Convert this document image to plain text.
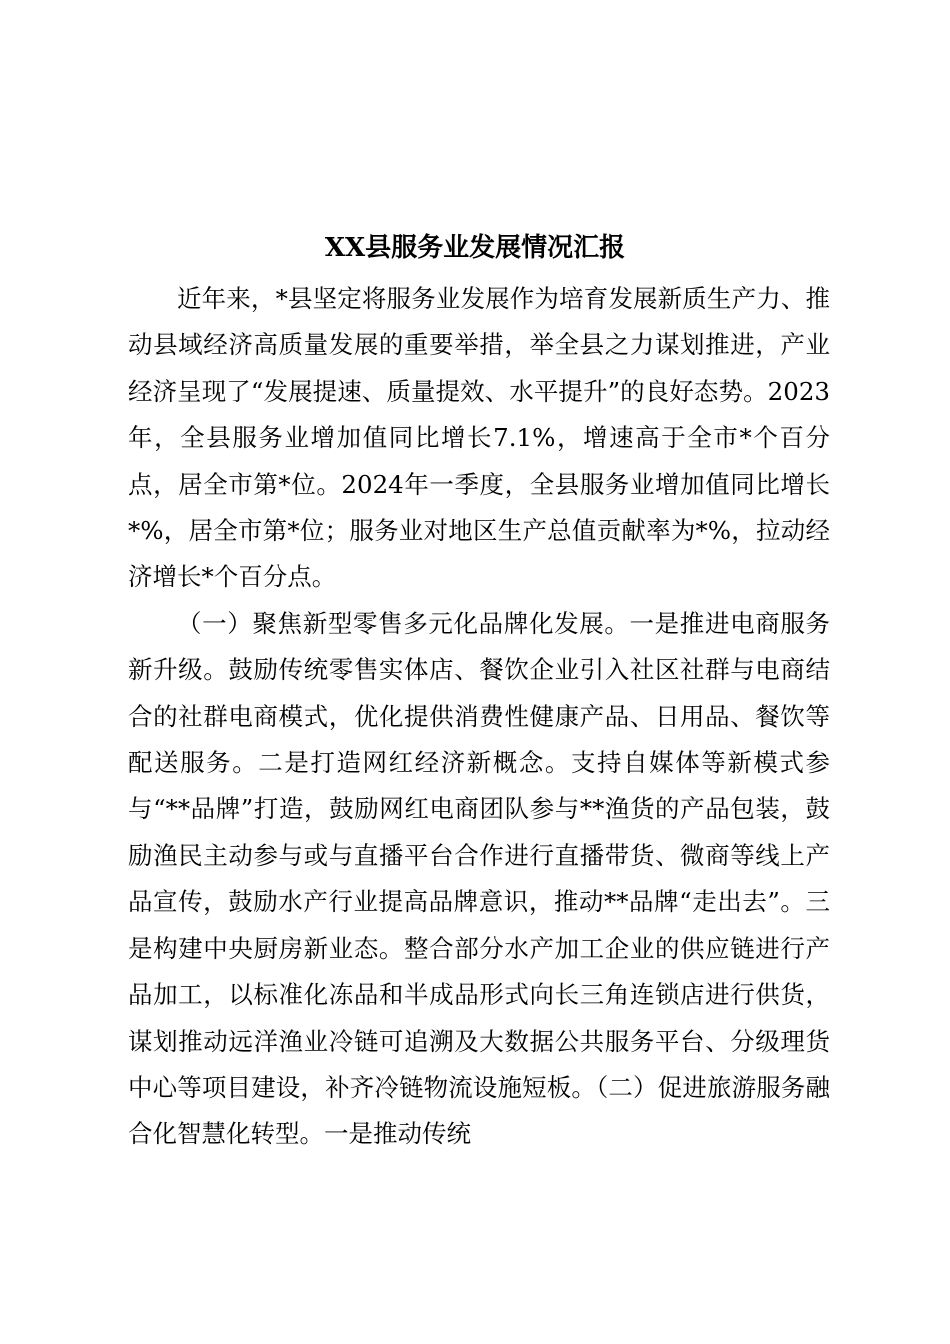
XX县服务业发展情况汇报

近年来，*县坚定将服务业发展作为培育发展新质生产力、推动县域经济高质量发展的重要举措，举全县之力谋划推进，产业经济呈现了“发展提速、质量提效、水平提升”的良好态势。2023年，全县服务业增加值同比增长7.1%，增速高于全市*个百分点，居全市第*位。2024年一季度，全县服务业增加值同比增长*%，居全市第*位；服务业对地区生产总值贡献率为*%，拉动经济增长*个百分点。

（一）聚焦新型零售多元化品牌化发展。一是推进电商服务新升级。鼓励传统零售实体店、餐饮企业引入社区社群与电商结合的社群电商模式，优化提供消费性健康产品、日用品、餐饮等配送服务。二是打造网红经济新概念。支持自媒体等新模式参与“**品牌”打造，鼓励网红电商团队参与**渔货的产品包装，鼓励渔民主动参与或与直播平台合作进行直播带货、微商等线上产品宣传，鼓励水产行业提高品牌意识，推动**品牌“走出去”。三是构建中央厨房新业态。整合部分水产加工企业的供应链进行产品加工，以标准化冻品和半成品形式向长三角连锁店进行供货，谋划推动远洋渔业冷链可追溯及大数据公共服务平台、分级理货中心等项目建设，补齐冷链物流设施短板。（二）促进旅游服务融合化智慧化转型。一是推动传统
